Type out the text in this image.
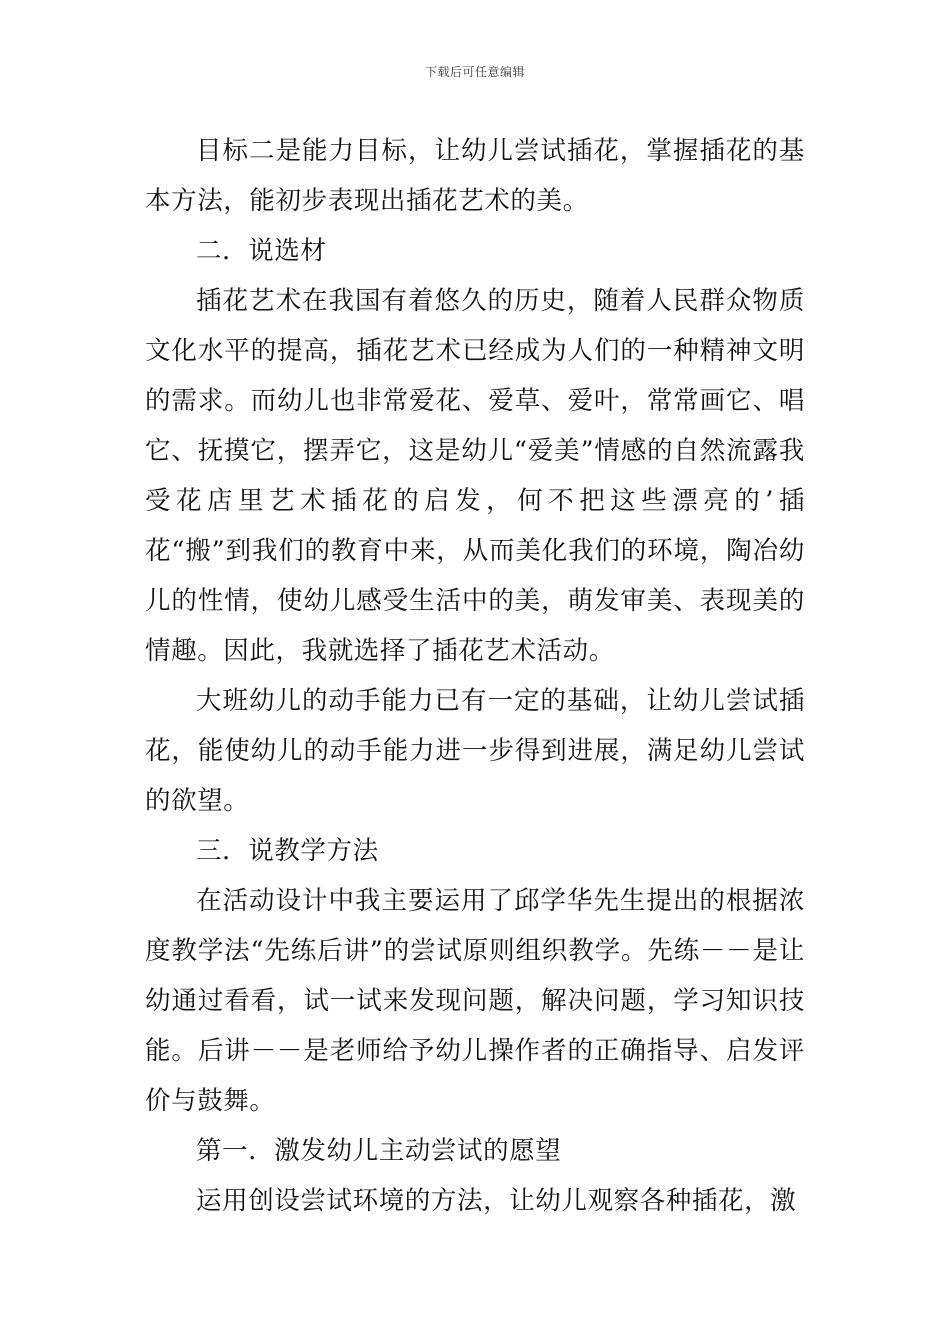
下载后可任意编辑

目标二是能力目标，让幼儿尝试插花，掌握插花的基本方法，能初步表现出插花艺术的美。

二．说选材

插花艺术在我国有着悠久的历史，随着人民群众物质文化水平的提高，插花艺术已经成为人们的一种精神文明的需求。而幼儿也非常爱花、爱草、爱叶，常常画它、唱它、抚摸它，摆弄它，这是幼儿“爱美”情感的自然流露我受花店里艺术插花的启发，何不把这些漂亮的’插花“搬”到我们的教育中来，从而美化我们的环境，陶冶幼儿的性情，使幼儿感受生活中的美，萌发审美、表现美的情趣。因此，我就选择了插花艺术活动。

大班幼儿的动手能力已有一定的基础，让幼儿尝试插花，能使幼儿的动手能力进一步得到进展，满足幼儿尝试的欲望。

三．说教学方法

在活动设计中我主要运用了邱学华先生提出的根据浓度教学法“先练后讲”的尝试原则组织教学。先练－－是让幼通过看看，试一试来发现问题，解决问题，学习知识技能。后讲－－是老师给予幼儿操作者的正确指导、启发评价与鼓舞。

第一．激发幼儿主动尝试的愿望

运用创设尝试环境的方法，让幼儿观察各种插花，激
